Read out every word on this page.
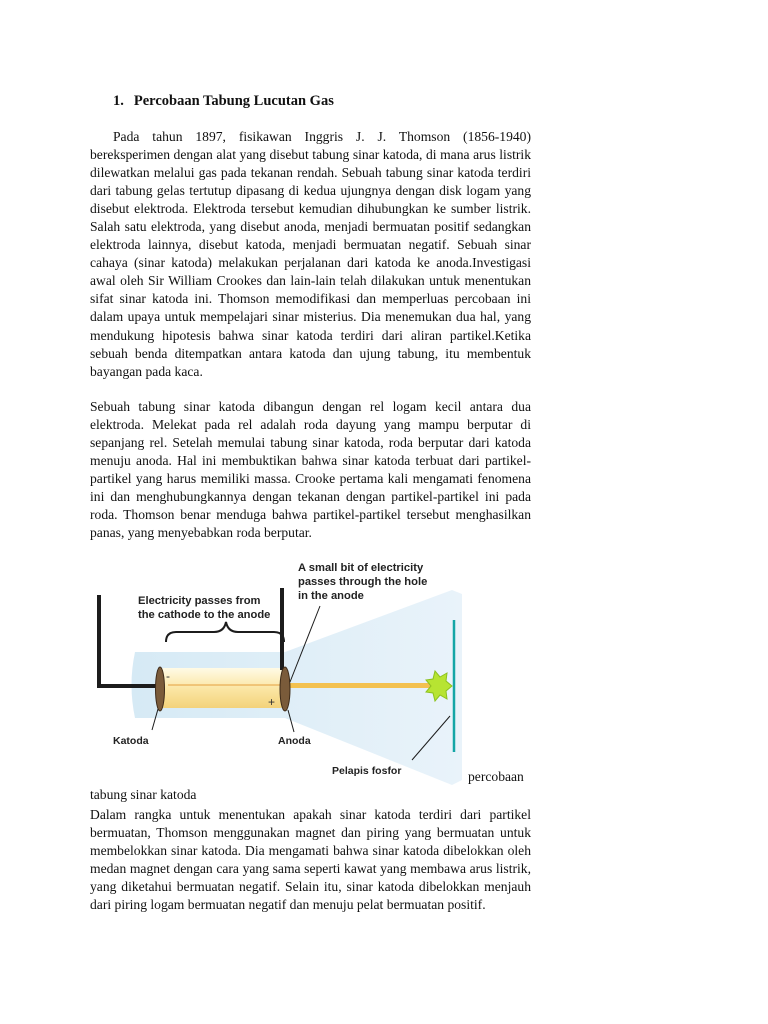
1. Percobaan Tabung Lucutan Gas

Pada tahun 1897, fisikawan Inggris J. J. Thomson (1856-1940) bereksperimen dengan alat yang disebut tabung sinar katoda, di mana arus listrik dilewatkan melalui gas pada tekanan rendah. Sebuah tabung sinar katoda terdiri dari tabung gelas tertutup dipasang di kedua ujungnya dengan disk logam yang disebut elektroda. Elektroda tersebut kemudian dihubungkan ke sumber listrik. Salah satu elektroda, yang disebut anoda, menjadi bermuatan positif sedangkan elektroda lainnya, disebut katoda, menjadi bermuatan negatif. Sebuah sinar cahaya (sinar katoda) melakukan perjalanan dari katoda ke anoda.Investigasi awal oleh Sir William Crookes dan lain-lain telah dilakukan untuk menentukan sifat sinar katoda ini. Thomson memodifikasi dan memperluas percobaan ini dalam upaya untuk mempelajari sinar misterius. Dia menemukan dua hal, yang mendukung hipotesis bahwa sinar katoda terdiri dari aliran partikel.Ketika sebuah benda ditempatkan antara katoda dan ujung tabung, itu membentuk bayangan pada kaca.

Sebuah tabung sinar katoda dibangun dengan rel logam kecil antara dua elektroda. Melekat pada rel adalah roda dayung yang mampu berputar di sepanjang rel. Setelah memulai tabung sinar katoda, roda berputar dari katoda menuju anoda. Hal ini membuktikan bahwa sinar katoda terbuat dari partikel-partikel yang harus memiliki massa. Crooke pertama kali mengamati fenomena ini dan menghubungkannya dengan tekanan dengan partikel-partikel ini pada roda. Thomson benar menduga bahwa partikel-partikel tersebut menghasilkan panas, yang menyebabkan roda berputar.

-
+
Electricity passes from the cathode to the anode
A small bit of electricity passes through the hole in the anode
Katoda	Anoda
Pelapis fosfor	percobaan
tabung sinar katoda

Dalam rangka untuk menentukan apakah sinar katoda terdiri dari partikel bermuatan, Thomson menggunakan magnet dan piring yang bermuatan untuk membelokkan sinar katoda. Dia mengamati bahwa sinar katoda dibelokkan oleh medan magnet dengan cara yang sama seperti kawat yang membawa arus listrik, yang diketahui bermuatan negatif. Selain itu, sinar katoda dibelokkan menjauh dari piring logam bermuatan negatif dan menuju pelat bermuatan positif.
